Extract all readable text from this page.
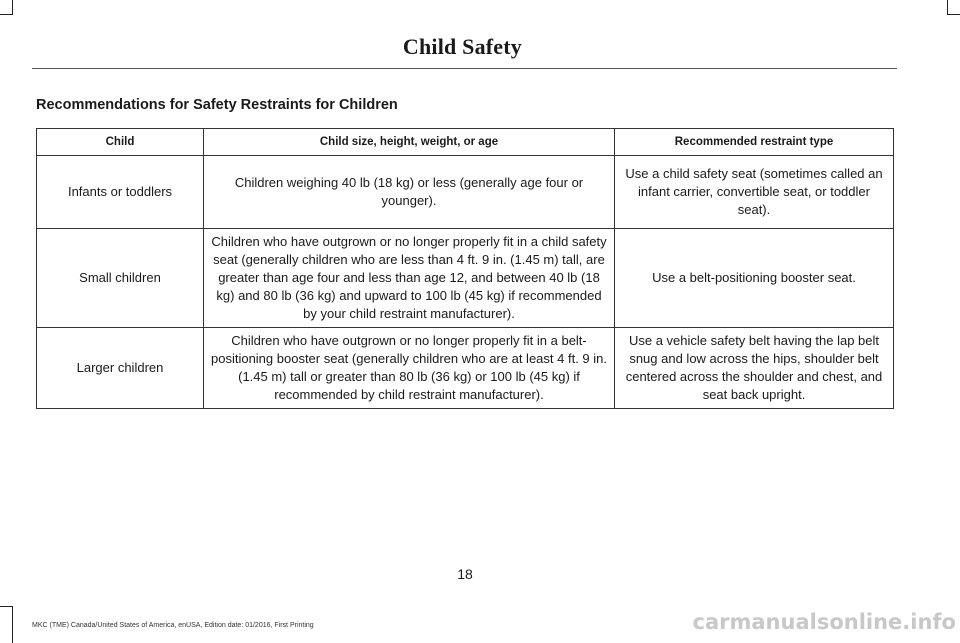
Child Safety
Recommendations for Safety Restraints for Children
Child	Child size, height, weight, or age	Recommended restraint type
Infants or toddlers	Children weighing 40 lb (18 kg) or less (generally age four or younger).	Use a child safety seat (sometimes called an infant carrier, convertible seat, or toddler seat).
Small children	Children who have outgrown or no longer properly fit in a child safety seat (generally children who are less than 4 ft. 9 in. (1.45 m) tall, are greater than age four and less than age 12, and between 40 lb (18 kg) and 80 lb (36 kg) and upward to 100 lb (45 kg) if recommended by your child restraint manufacturer).	Use a belt-positioning booster seat.
Larger children	Children who have outgrown or no longer properly fit in a belt-positioning booster seat (generally children who are at least 4 ft. 9 in. (1.45 m) tall or greater than 80 lb (36 kg) or 100 lb (45 kg) if recommended by child restraint manufacturer).	Use a vehicle safety belt having the lap belt snug and low across the hips, shoulder belt centered across the shoulder and chest, and seat back upright.
18
MKC (TME) Canada/United States of America, enUSA, Edition date: 01/2016, First Printing	carmanualsonline.info
